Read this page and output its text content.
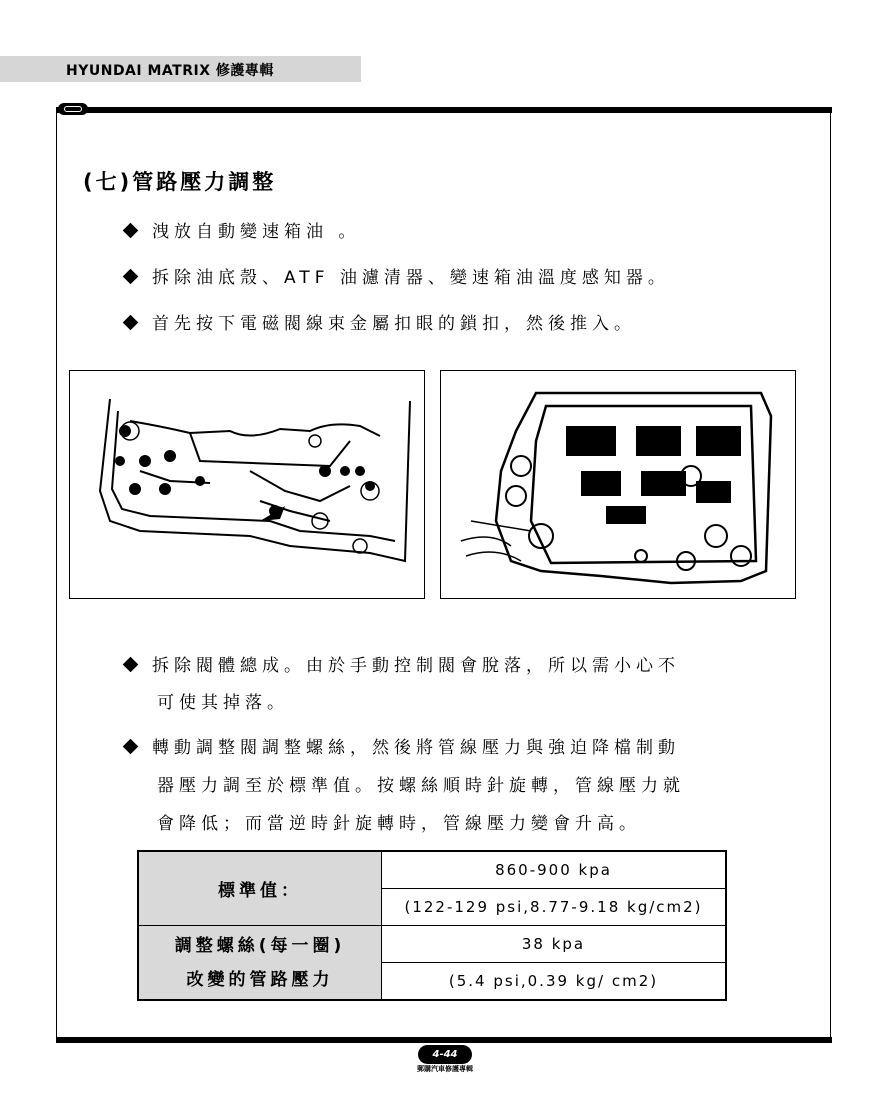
HYUNDAI MATRIX 修護專輯
(七)管路壓力調整
洩放自動變速箱油 。
拆除油底殼、ATF 油濾清器、變速箱油溫度感知器。
首先按下電磁閥線束金屬扣眼的鎖扣，然後推入。
拆除閥體總成。由於手動控制閥會脫落，所以需小心不
可使其掉落。
轉動調整閥調整螺絲，然後將管線壓力與強迫降檔制動
器壓力調至於標準值。按螺絲順時針旋轉，管線壓力就
會降低；而當逆時針旋轉時，管線壓力變會升高。
標準值：	860-900 kpa
	(122-129 psi,8.77-9.18 kg/cm2)

調整螺絲(每一圈)
改變的管路壓力	38 kpa
	(5.4 psi,0.39 kg/ cm2)
4-44
郵購汽車修護專輯
